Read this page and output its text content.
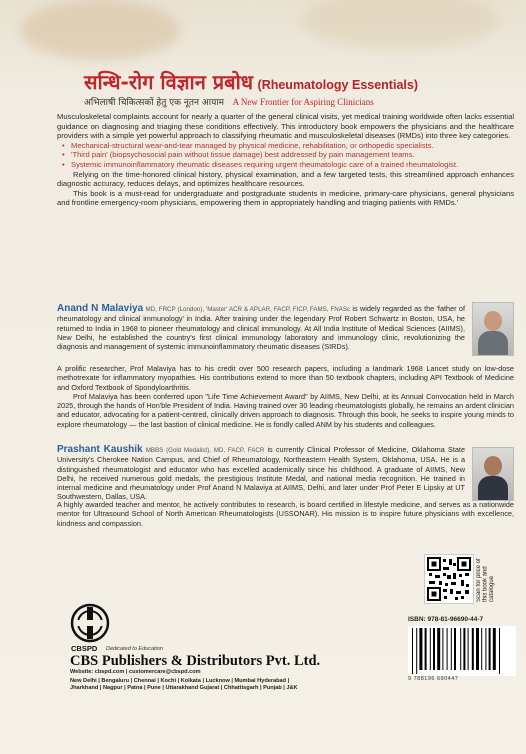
सन्धि-रोग विज्ञान प्रबोध (Rheumatology Essentials)
अभिलाषी चिकित्सकों हेतु एक नूतन आयाम A New Frontier for Aspiring Clinicians

Musculoskeletal complaints account for nearly a quarter of the general clinical visits, yet medical training worldwide often lacks essential guidance on diagnosing and triaging these conditions effectively. This introductory book empowers the physicians and the healthcare providers with a simple yet powerful approach to classifying rheumatic and musculoskeletal diseases (RMDs) into three key categories.

• Mechanical-structural wear-and-tear managed by physical medicine, rehabilitation, or orthopedic specialists.
• 'Third pain' (biopsychosocial pain without tissue damage) best addressed by pain management teams.
• Systemic immunoinflammatory rheumatic diseases requiring urgent rheumatologic care of a trained rheumatologist.

Relying on the time-honored clinical history, physical examination, and a few targeted tests, this streamlined approach enhances diagnostic accuracy, reduces delays, and optimizes healthcare resources.

This book is a must-read for undergraduate and postgraduate students in medicine, primary-care physicians, general physicians and frontline emergency-room physicians, empowering them in appropriately handling and triaging patients with RMDs.'

Anand N Malaviya MD, FRCP (London), 'Master' ACR & APLAR, FACP, FICP, FAMS, FNASc is widely regarded as the 'father of rheumatology and clinical immunology' in India. After training under the legendary Prof Robert Schwartz in Boston, USA, he returned to India in 1968 to pioneer rheumatology and clinical immunology. At All India Institute of Medical Sciences (AIIMS), New Delhi, he established the country's first clinical immunology laboratory and immunology clinic, revolutionizing the diagnosis and management of systemic immunoinflammatory rheumatic diseases (SIRDs).

A prolific researcher, Prof Malaviya has to his credit over 500 research papers, including a landmark 1968 Lancet study on low-dose methotrexate for inflammatory myopathies. His contributions extend to more than 50 textbook chapters, including API Textbook of Medicine and Oxford Textbook of Spondyloarthritis.

Prof Malaviya has been conferred upon "Life Time Achievement Award" by AIIMS, New Delhi, at its Annual Convocation held in March 2025, through the hands of Hon'ble President of India. Having trained over 30 leading rheumatologists globally, he remains an ardent clinician and educator, advocating for a patient-centred, clinically driven approach to diagnosis. Through this book, he seeks to inspire young minds to explore rheumatology — the last bastion of clinical medicine. He is fondly called ANM by his students and colleagues.

Prashant Kaushik MBBS (Gold Medalist), MD, FACP, FACR is currently Clinical Professor of Medicine, Oklahoma State University's Cherokee Nation Campus, and Chief of Rheumatology, Northeastern Health System, Oklahoma, USA. He is a distinguished rheumatologist and educator who has excelled academically since his childhood. A graduate of AIIMS, New Delhi, he received numerous gold medals, the prestigious Institute Medal, and national media recognition. He trained in internal medicine and rheumatology under Prof Anand N Malaviya at AIIMS, Delhi, and later under Prof Peter E Lipsky at UT Southwestern, Dallas, USA.

A highly awarded teacher and mentor, he actively contributes to research, is board certified in lifestyle medicine, and serves as a nationwide mentor for Ultrasound School of North American Rheumatologists (USSONAR). His mission is to inspire future physicians with excellence, kindness and compassion.

Scan for price of this book and catalogue
CBSPD Dedicated to Education
CBS Publishers & Distributors Pvt. Ltd.
Website: cbspd.com | customercare@cbspd.com
New Delhi | Bengaluru | Chennai | Kochi | Kolkata | Lucknow | Mumbai Hyderabad | Jharkhand | Nagpur | Patna | Pune | Uttarakhand Gujarat | Chhattisgarh | Punjab | J&K
ISBN: 978-81-96690-44-7
9 788196 690447
